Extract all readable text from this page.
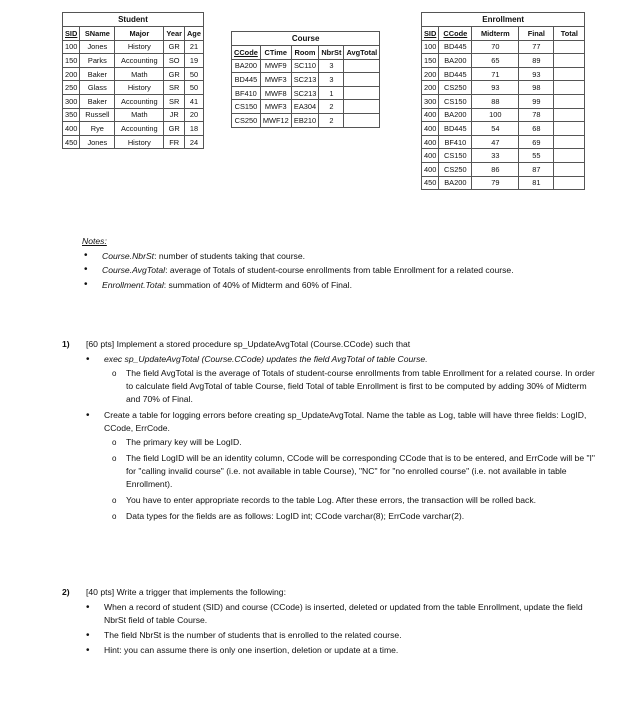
Student				
SID	SName	Major	Year	Age
100	Jones	History	GR	21
150	Parks	Accounting	SO	19
200	Baker	Math	GR	50
250	Glass	History	SR	50
300	Baker	Accounting	SR	41
350	Russell	Math	JR	20
400	Rye	Accounting	GR	18
450	Jones	History	FR	24
Course				
CCode	CTime	Room	NbrSt	AvgTotal
BA200	MWF9	SC110	3	
BD445	MWF3	SC213	3	
BF410	MWF8	SC213	1	
CS150	MWF3	EA304	2	
CS250	MWF12	EB210	2	
Enrollment				
SID	CCode	Midterm	Final	Total
100	BD445	70	77	
150	BA200	65	89	
200	BD445	71	93	
200	CS250	93	98	
300	CS150	88	99	
400	BA200	100	78	
400	BD445	54	68	
400	BF410	47	69	
400	CS150	33	55	
400	CS250	86	87	
450	BA200	79	81	
Notes:
• Course.NbrSt: number of students taking that course.
• Course.AvgTotal: average of Totals of student-course enrollments from table Enrollment for a related course.
• Enrollment.Total: summation of 40% of Midterm and 60% of Final.
1) [60 pts] Implement a stored procedure sp_UpdateAvgTotal (Course.CCode) such that
• exec sp_UpdateAvgTotal (Course.CCode) updates the field AvgTotal of table Course.
o The field AvgTotal is the average of Totals of student-course enrollments from table Enrollment for a related course. In order to calculate field AvgTotal of table Course, field Total of table Enrollment is first to be computed by adding 30% of Midterm and 70% of Final.
• Create a table for logging errors before creating sp_UpdateAvgTotal. Name the table as Log, table will have three fields: LogID, CCode, ErrCode.
o The primary key will be LogID.
o The field LogID will be an identity column, CCode will be corresponding CCode that is to be entered, and ErrCode will be "I" for "calling invalid course" (i.e. not available in table Course), "NC" for "no enrolled course" (i.e. not available in table Enrollment).
o You have to enter appropriate records to the table Log. After these errors, the transaction will be rolled back.
o Data types for the fields are as follows: LogID int; CCode varchar(8); ErrCode varchar(2).
2) [40 pts] Write a trigger that implements the following:
• When a record of student (SID) and course (CCode) is inserted, deleted or updated from the table Enrollment, update the field NbrSt field of table Course.
• The field NbrSt is the number of students that is enrolled to the related course.
• Hint: you can assume there is only one insertion, deletion or update at a time.
